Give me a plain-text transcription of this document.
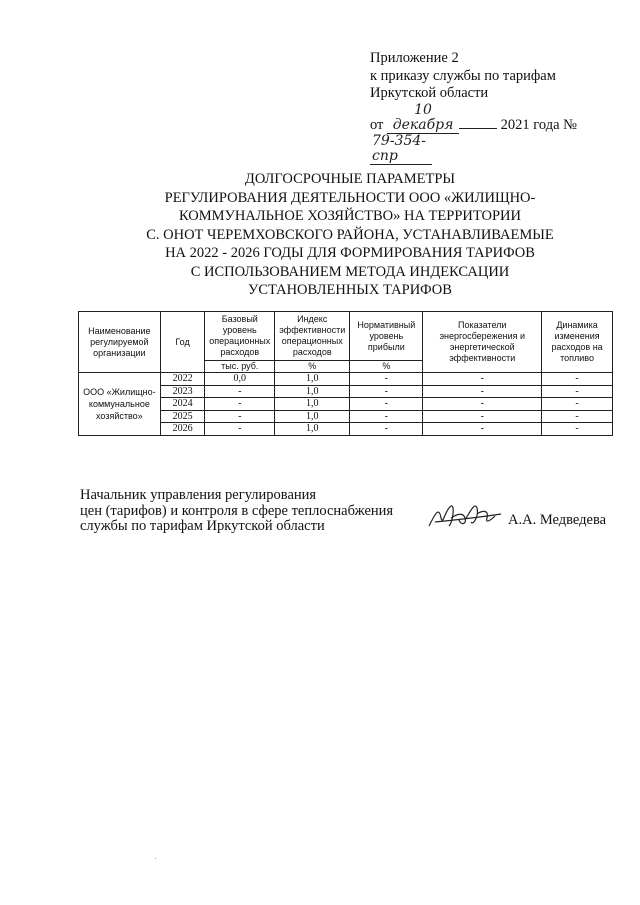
Приложение 2
к приказу службы по тарифам
Иркутской области
от 10 декабря	2021 года № 79-354-спр
ДОЛГОСРОЧНЫЕ ПАРАМЕТРЫ
РЕГУЛИРОВАНИЯ ДЕЯТЕЛЬНОСТИ ООО «ЖИЛИЩНО-
КОММУНАЛЬНОЕ ХОЗЯЙСТВО» НА ТЕРРИТОРИИ
С. ОНОТ ЧЕРЕМХОВСКОГО РАЙОНА, УСТАНАВЛИВАЕМЫЕ
НА 2022 - 2026 ГОДЫ ДЛЯ ФОРМИРОВАНИЯ ТАРИФОВ
С ИСПОЛЬЗОВАНИЕМ МЕТОДА ИНДЕКСАЦИИ
УСТАНОВЛЕННЫХ ТАРИФОВ
Наименование регулируемой организации	Год	Базовый уровень операционных расходов	Индекс эффективности операционных расходов	Нормативный уровень прибыли	Показатели энергосбережения и энергетической эффективности	Динамика изменения расходов на топливо
		тыс. руб.	%	%		
ООО «Жилищно-коммунальное хозяйство»	2022	0,0	1,0	-	-	-
	2023	-	1,0	-	-	-
	2024	-	1,0	-	-	-
	2025	-	1,0	-	-	-
	2026	-	1,0	-	-	-
Начальник управления регулирования
цен (тарифов) и контроля в сфере теплоснабжения
службы по тарифам Иркутской области	А.А. Медведева
